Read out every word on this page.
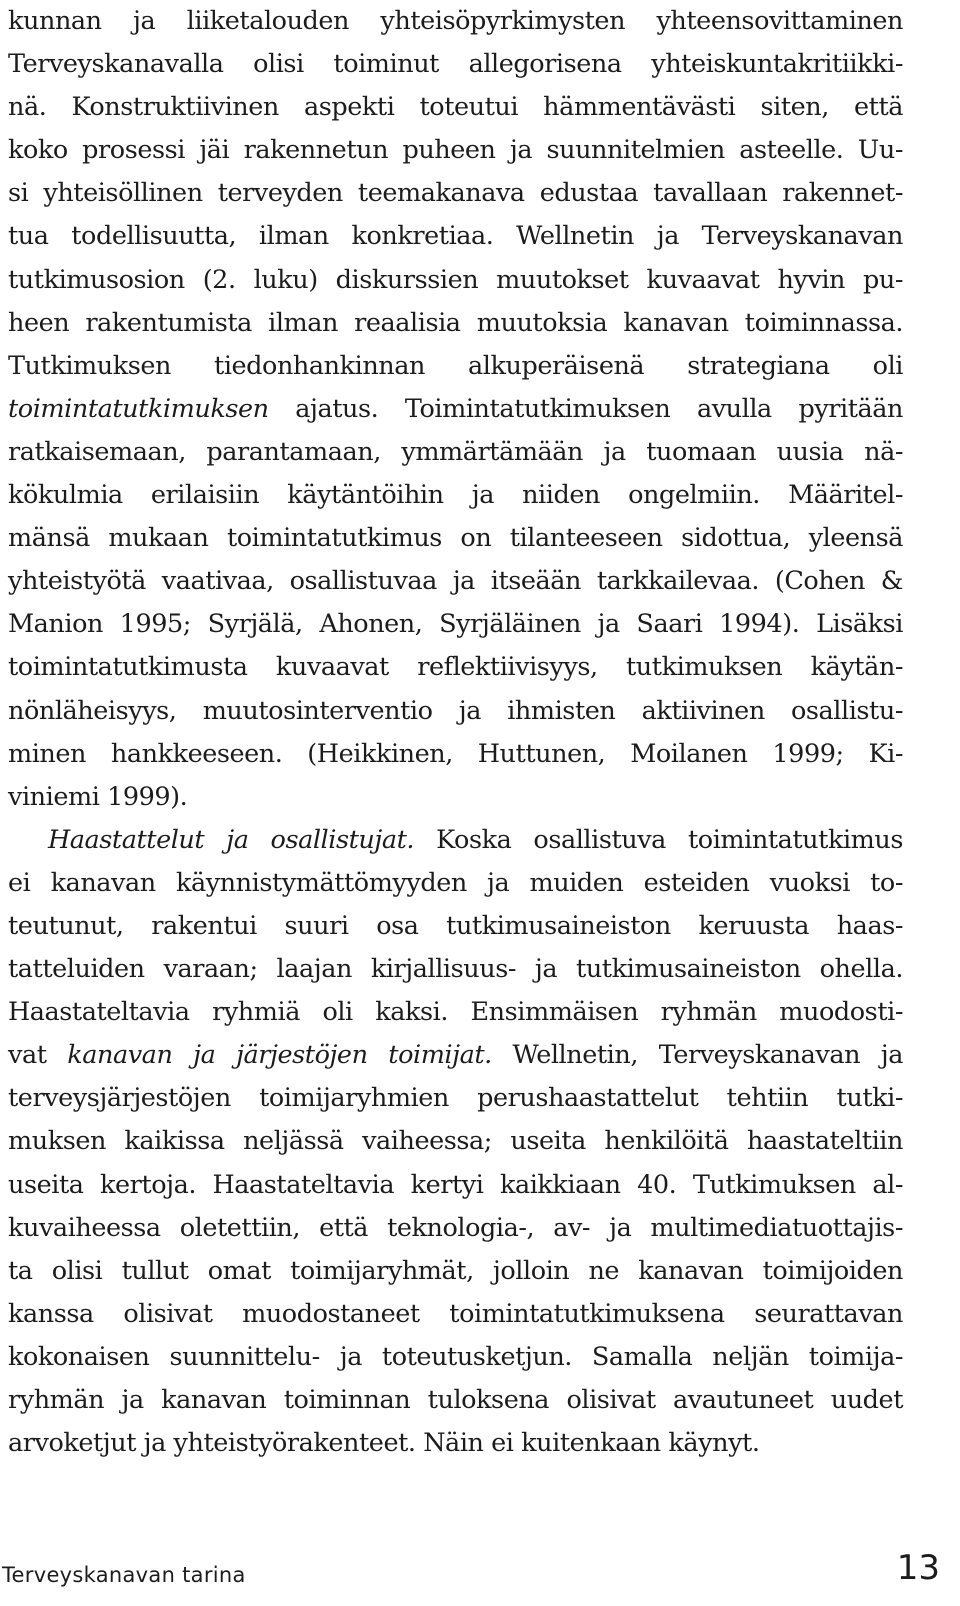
kunnan ja liiketalouden yhteisöpyrkimysten yhteensovittaminen
Terveyskanavalla olisi toiminut allegorisena yhteiskuntakritiikki-
nä. Konstruktiivinen aspekti toteutui hämmentävästi siten, että
koko prosessi jäi rakennetun puheen ja suunnitelmien asteelle. Uu-
si yhteisöllinen terveyden teemakanava edustaa tavallaan rakennet-
tua todellisuutta, ilman konkretiaa. Wellnetin ja Terveyskanavan
tutkimusosion (2. luku) diskurssien muutokset kuvaavat hyvin pu-
heen rakentumista ilman reaalisia muutoksia kanavan toiminnassa.
Tutkimuksen tiedonhankinnan alkuperäisenä strategiana oli
toimintatutkimuksen ajatus. Toimintatutkimuksen avulla pyritään
ratkaisemaan, parantamaan, ymmärtämään ja tuomaan uusia nä-
kökulmia erilaisiin käytäntöihin ja niiden ongelmiin. Määritel-
mänsä mukaan toimintatutkimus on tilanteeseen sidottua, yleensä
yhteistyötä vaativaa, osallistuvaa ja itseään tarkkailevaa. (Cohen &
Manion 1995; Syrjälä, Ahonen, Syrjäläinen ja Saari 1994). Lisäksi
toimintatutkimusta kuvaavat reflektiivisyys, tutkimuksen käytän-
nönläheisyys, muutosinterventio ja ihmisten aktiivinen osallistu-
minen hankkeeseen. (Heikkinen, Huttunen, Moilanen 1999; Ki-
viniemi 1999).
Haastattelut ja osallistujat. Koska osallistuva toimintatutkimus
ei kanavan käynnistymättömyyden ja muiden esteiden vuoksi to-
teutunut, rakentui suuri osa tutkimusaineiston keruusta haas-
tatteluiden varaan; laajan kirjallisuus- ja tutkimusaineiston ohella.
Haastateltavia ryhmiä oli kaksi. Ensimmäisen ryhmän muodosti-
vat kanavan ja järjestöjen toimijat. Wellnetin, Terveyskanavan ja
terveysjärjestöjen toimijaryhmien perushaastattelut tehtiin tutki-
muksen kaikissa neljässä vaiheessa; useita henkilöitä haastateltiin
useita kertoja. Haastateltavia kertyi kaikkiaan 40. Tutkimuksen al-
kuvaiheessa oletettiin, että teknologia-, av- ja multimediatuottajis-
ta olisi tullut omat toimijaryhmät, jolloin ne kanavan toimijoiden
kanssa olisivat muodostaneet toimintatutkimuksena seurattavan
kokonaisen suunnittelu- ja toteutusketjun. Samalla neljän toimija-
ryhmän ja kanavan toiminnan tuloksena olisivat avautuneet uudet
arvoketjut ja yhteistyörakenteet. Näin ei kuitenkaan käynyt.
Terveyskanavan tarina	13
